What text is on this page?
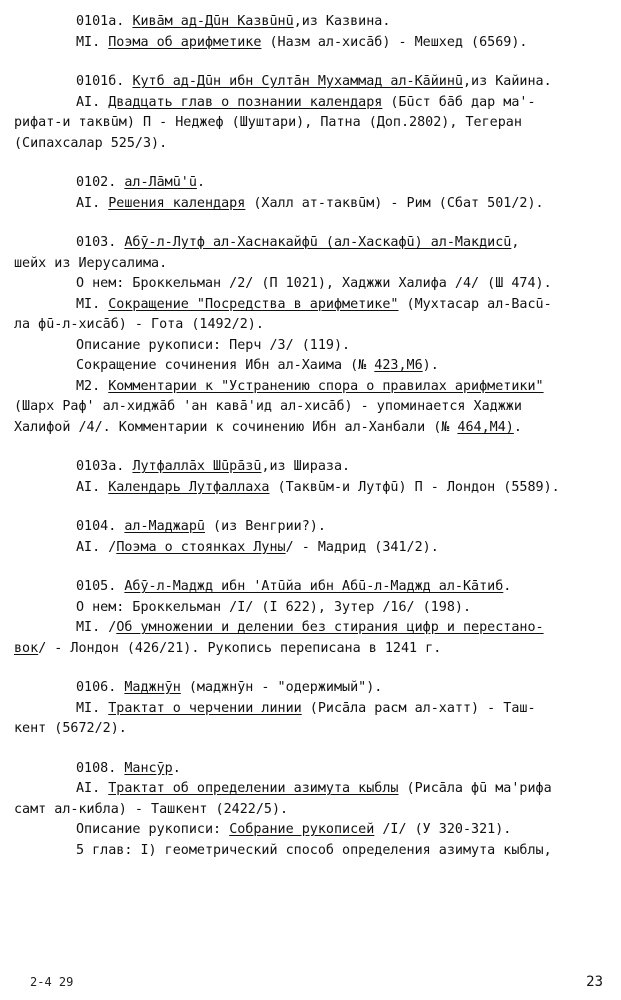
0101а. Кивāм ад-Дūн Казвūнū,из Казвина.
MI. Поэма об арифметике (Назм ал-хисāб) - Мешхед (6569).
0101б. Кутб ад-Дūн ибн Султāн Мухаммад ал-Кāйинū,из Кайина.
AI. Двадцать глав о познании календаря (Бūст бāб дар ма'-
рифат-и таквūм) П - Неджеф (Шуштари), Патна (Доп.2802), Тегеран
(Сипахсалар 525/3).
0102. ал-Лāмū'ū.
AI. Решения календаря (Халл ат-таквūм) - Рим (Сбат 501/2).
0103. Абӯ-л-Лутф ал-Хаснакайфū (ал-Хаскафū) ал-Макдисū,
шейх из Иерусалима.
О нем: Броккельман /2/ (П 1021), Хаджжи Халифа /4/ (Ш 474).
MI. Сокращение "Посредства в арифметике" (Мухтасар ал-Васū-
ла фū-л-хисāб) - Гота (1492/2).
Описание рукописи: Перч /3/ (119).
Сокращение сочинения Ибн ал-Хаима (№ 423,M6).
M2. Комментарии к "Устранению спора о правилах арифметики"
(Шарх Раф' ал-хиджāб 'ан кавā'ид ал-хисāб) - упоминается Хаджжи
Халифой /4/. Комментарии к сочинению Ибн ал-Ханбали (№ 464,M4).
0103а. Лутфаллāх Шūрāзū,из Шираза.
AI. Календарь Лутфаллаха (Таквūм-и Лутфū) П - Лондон (5589).
0104. ал-Маджарū (из Венгрии?).
AI. /Поэма о стоянках Луны/ - Мадрид (341/2).
0105. Абӯ-л-Маджд ибн 'Атūйа ибн Абū-л-Маджд ал-Кāтиб.
О нем: Броккельман /I/ (I 622), Зутер /16/ (198).
MI. /Об умножении и делении без стирания цифр и перестано-
вок/ - Лондон (426/21). Рукопись переписана в 1241 г.
0106. Маджнӯн (маджнӯн - "одержимый").
MI. Трактат о черчении линии (Рисāла расм ал-хатт) - Таш-
кент (5672/2).
0108. Мансӯр.
AI. Трактат об определении азимута кыблы (Рисāла фū ма'рифа
самт ал-кибла) - Ташкент (2422/5).
Описание рукописи: Собрание рукописей /I/ (У 320-321).
5 глав: I) геометрический способ определения азимута кыблы,
2-4 29	23
